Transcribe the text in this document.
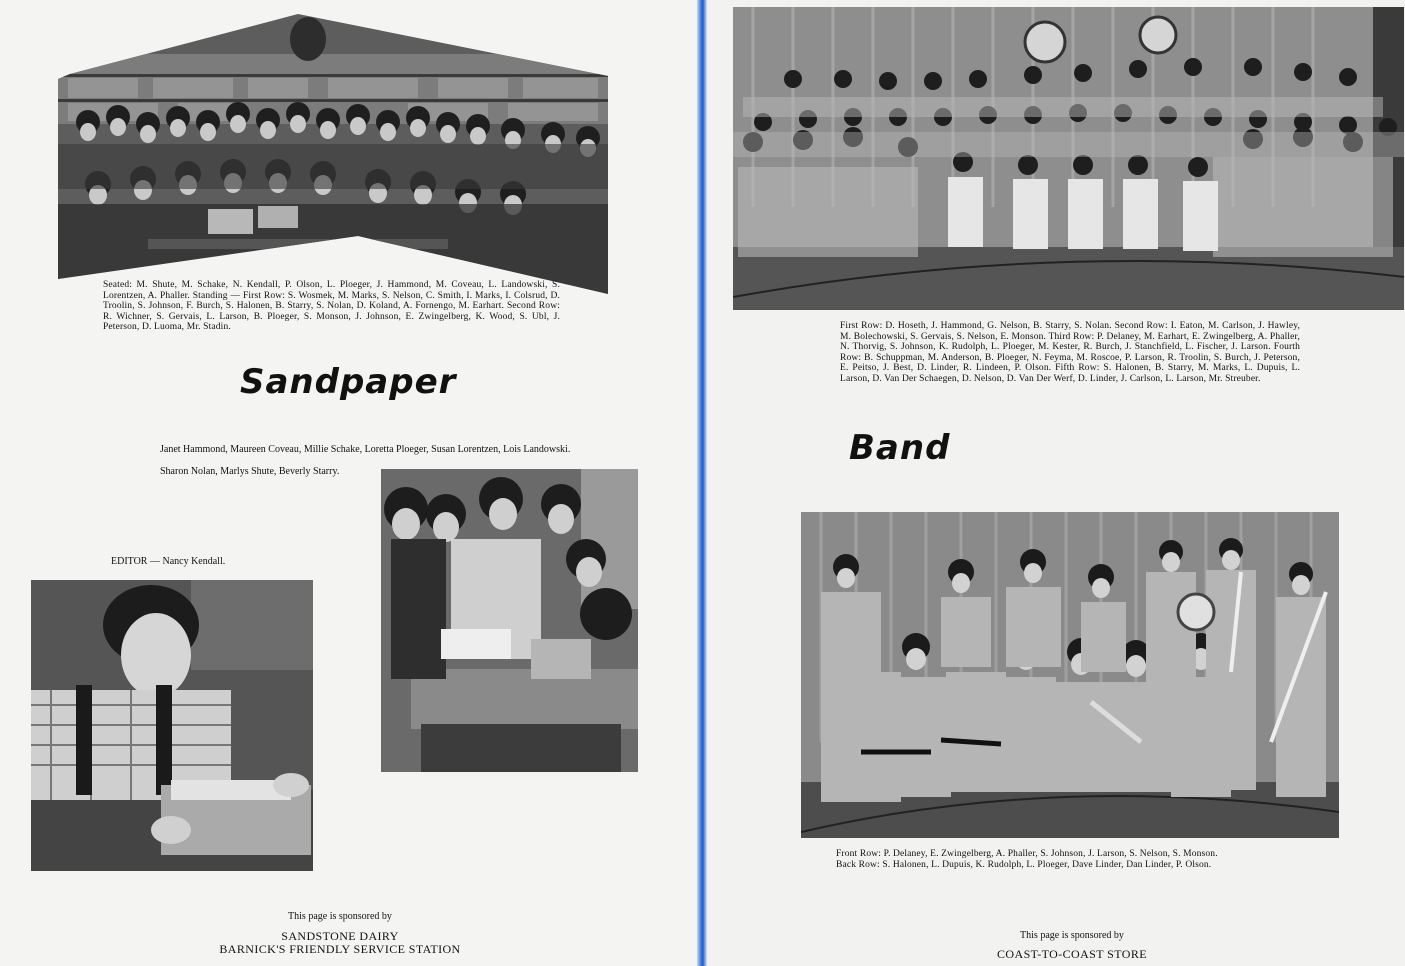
Seated: M. Shute, M. Schake, N. Kendall, P. Olson, L. Ploeger, J. Hammond, M. Coveau, L. Landowski, S. Lorentzen, A. Phaller. Standing — First Row: S. Wosmek, M. Marks, S. Nelson, C. Smith, I. Marks, I. Colsrud, D. Troolin, S. Johnson, F. Burch, S. Halonen, B. Starry, S. Nolan, D. Koland, A. Fornengo, M. Earhart. Second Row: R. Wichner, S. Gervais, L. Larson, B. Ploeger, S. Monson, J. Johnson, E. Zwingelberg, K. Wood, S. Ubl, J. Peterson, D. Luoma, Mr. Stadin.
Sandpaper
Janet Hammond, Maureen Coveau, Millie Schake, Loretta Ploeger, Susan Lorentzen, Lois Landowski.
Sharon Nolan, Marlys Shute, Beverly Starry.
EDITOR — Nancy Kendall.
This page is sponsored by
SANDSTONE DAIRY
BARNICK'S FRIENDLY SERVICE STATION
First Row: D. Hoseth, J. Hammond, G. Nelson, B. Starry, S. Nolan. Second Row: I. Eaton, M. Carlson, J. Hawley, M. Bolechowski, S. Gervais, S. Nelson, E. Monson. Third Row: P. Delaney, M. Earhart, E. Zwingelberg, A. Phaller, N. Thorvig, S. Johnson, K. Rudolph, L. Ploeger, M. Kester, R. Burch, J. Stanchfield, L. Fischer, J. Larson. Fourth Row: B. Schuppman, M. Anderson, B. Ploeger, N. Feyma, M. Roscoe, P. Larson, R. Troolin, S. Burch, J. Peterson, E. Peitso, J. Best, D. Linder, R. Lindeen, P. Olson. Fifth Row: S. Halonen, B. Starry, M. Marks, L. Dupuis, L. Larson, D. Van Der Schaegen, D. Nelson, D. Van Der Werf, D. Linder, J. Carlson, L. Larson, Mr. Streuber.
Band
Front Row: P. Delaney, E. Zwingelberg, A. Phaller, S. Johnson, J. Larson, S. Nelson, S. Monson.
Back Row: S. Halonen, L. Dupuis, K. Rudolph, L. Ploeger, Dave Linder, Dan Linder, P. Olson.
This page is sponsored by
COAST-TO-COAST STORE
